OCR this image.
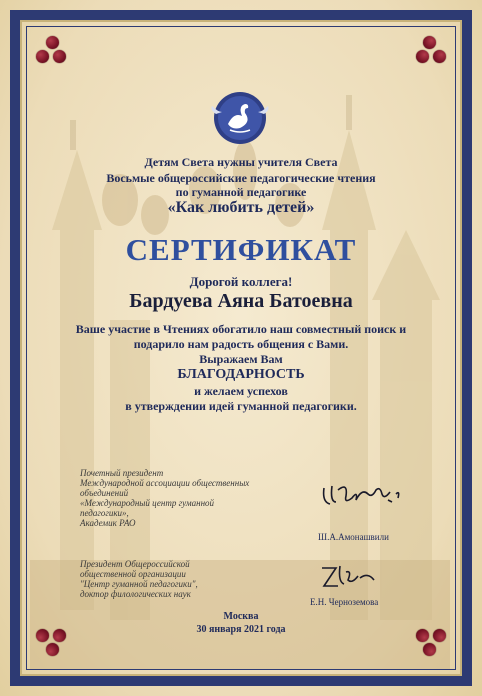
Детям Света нужны учителя Света

Восьмые общероссийские педагогические чтения

по гуманной педагогике

«Как любить детей»

СЕРТИФИКАТ

Дорогой коллега!

Бардуева Аяна Батоевна

Ваше участие в Чтениях обогатило наш совместный поиск и

подарило нам радость общения с Вами.

Выражаем Вам

БЛАГОДАРНОСТЬ

и желаем успехов

в утверждении идей гуманной педагогики.

Почетный президент

Международной ассоциации общественных

объединений

«Международный центр гуманной

педагогики»,

Академик РАО

Ш.А.Амонашвили

Президент Общероссийской

общественной организации

"Центр гуманной педагогики",

доктор филологических наук

Е.Н. Черноземова

Москва

30 января 2021 года
